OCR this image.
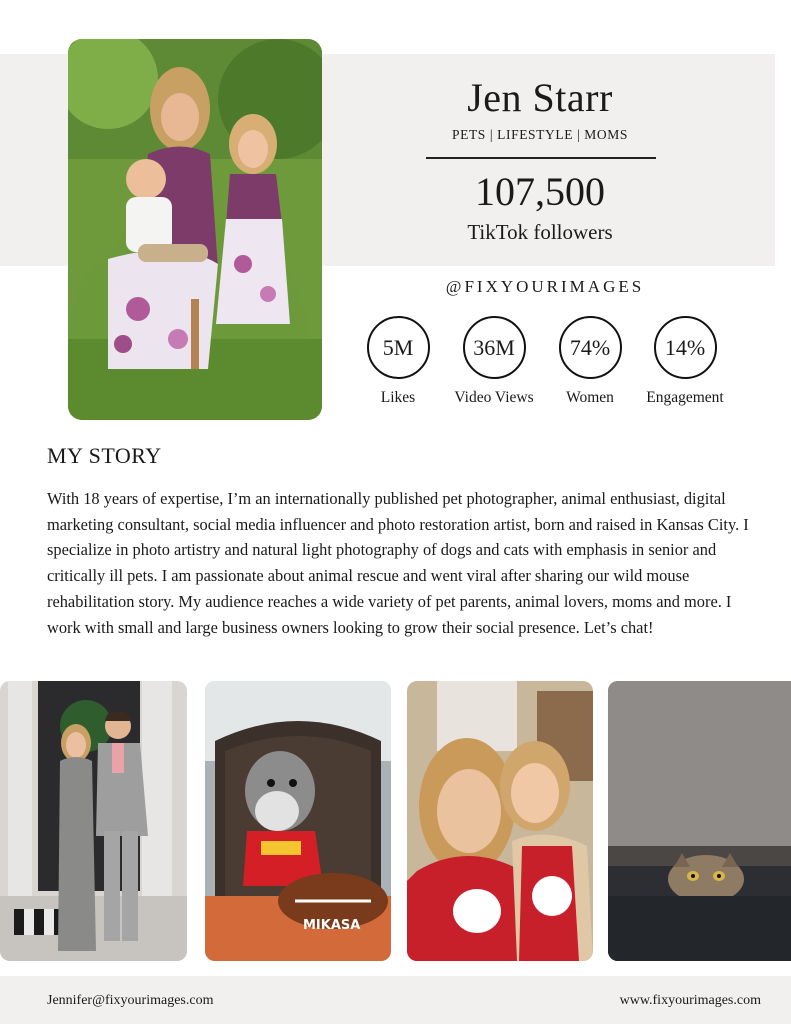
Jen Starr
PETS | LIFESTYLE | MOMS
107,500
TikTok followers
@FIXYOURIMAGES
5M
Likes
36M
Video Views
74%
Women
14%
Engagement
MY STORY
With 18 years of expertise, I’m an internationally published pet photographer, animal enthusiast, digital marketing consultant, social media influencer and photo restoration artist, born and raised in Kansas City. I specialize in photo artistry and natural light photography of dogs and cats with emphasis in senior and critically ill pets. I am passionate about animal rescue and went viral after sharing our wild mouse rehabilitation story. My audience reaches a wide variety of pet parents, animal lovers, moms and more. I work with small and large business owners looking to grow their social presence. Let’s chat!
MIKASA
Jennifer@fixyourimages.com	www.fixyourimages.com
